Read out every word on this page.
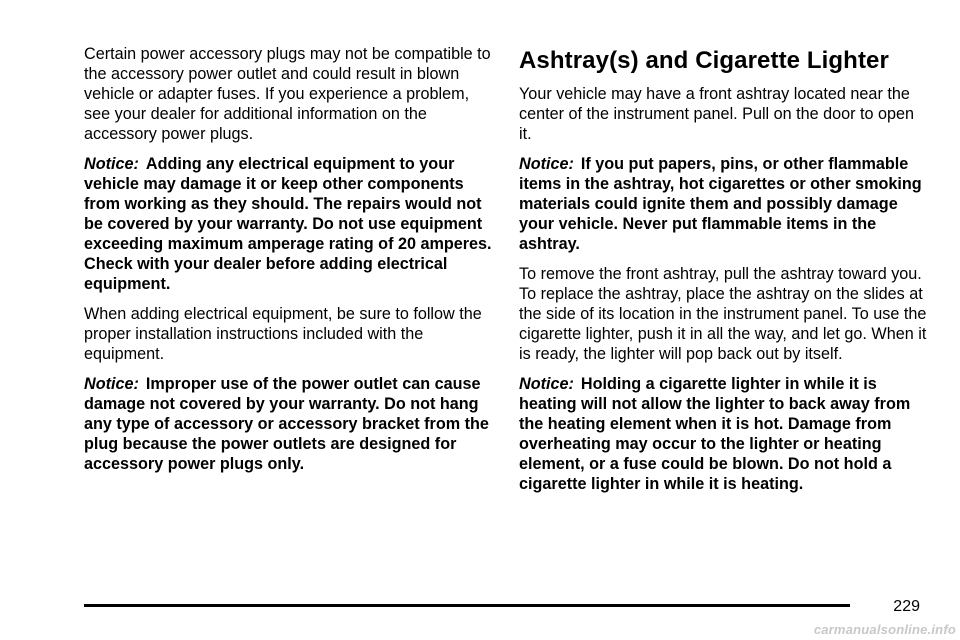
Certain power accessory plugs may not be compatible to the accessory power outlet and could result in blown vehicle or adapter fuses. If you experience a problem, see your dealer for additional information on the accessory power plugs.

Notice: Adding any electrical equipment to your vehicle may damage it or keep other components from working as they should. The repairs would not be covered by your warranty. Do not use equipment exceeding maximum amperage rating of 20 amperes. Check with your dealer before adding electrical equipment.

When adding electrical equipment, be sure to follow the proper installation instructions included with the equipment.

Notice: Improper use of the power outlet can cause damage not covered by your warranty. Do not hang any type of accessory or accessory bracket from the plug because the power outlets are designed for accessory power plugs only.

Ashtray(s) and Cigarette Lighter

Your vehicle may have a front ashtray located near the center of the instrument panel. Pull on the door to open it.

Notice: If you put papers, pins, or other flammable items in the ashtray, hot cigarettes or other smoking materials could ignite them and possibly damage your vehicle. Never put flammable items in the ashtray.

To remove the front ashtray, pull the ashtray toward you. To replace the ashtray, place the ashtray on the slides at the side of its location in the instrument panel. To use the cigarette lighter, push it in all the way, and let go. When it is ready, the lighter will pop back out by itself.

Notice: Holding a cigarette lighter in while it is heating will not allow the lighter to back away from the heating element when it is hot. Damage from overheating may occur to the lighter or heating element, or a fuse could be blown. Do not hold a cigarette lighter in while it is heating.

229
carmanualsonline.info
